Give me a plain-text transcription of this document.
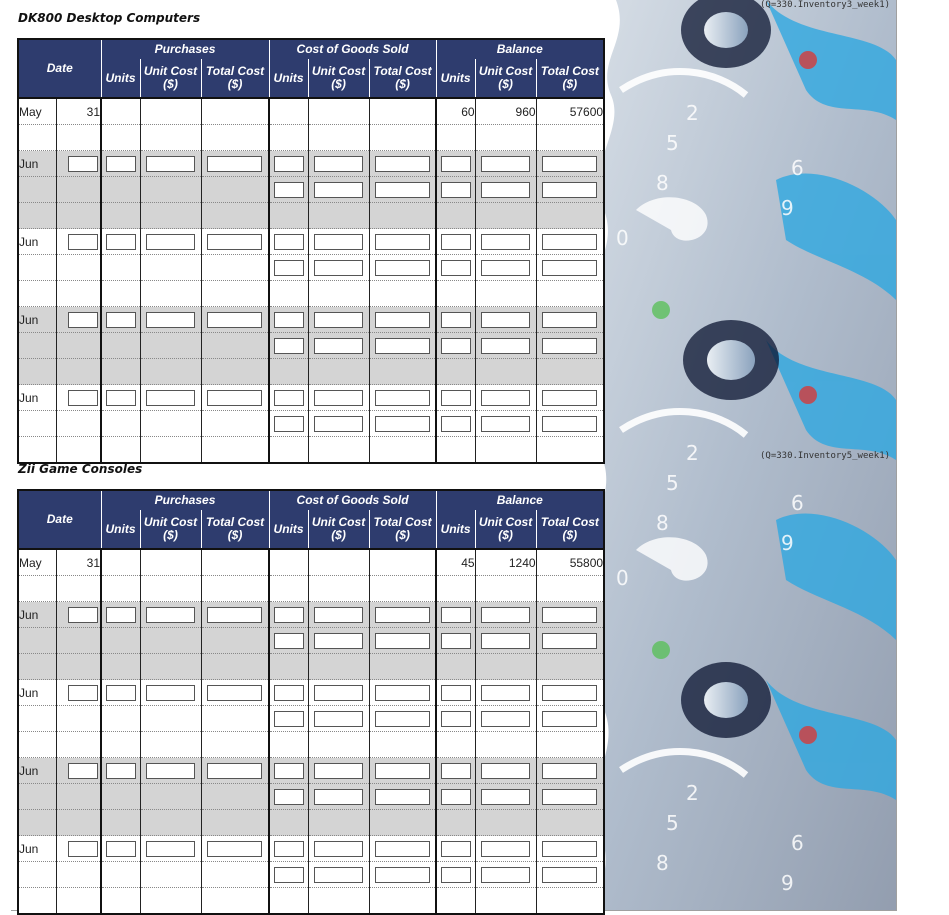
2
5
8
6
9
0
2
5
8
6
9
0
2
5
8
6
9
(Q=330.Inventory3_week1)
(Q=330.Inventory5_week1)
DK800 Desktop Computers
Date		Purchases			Cost of Goods Sold			Balance		
		Units	Unit Cost ($)	Total Cost ($)	Units	Unit Cost ($)	Total Cost ($)	Units	Unit Cost ($)	Total Cost ($)
May	31							60	960	57600

Jun	

Jun	

Jun	

Jun	

Zii Game Consoles
Date		Purchases			Cost of Goods Sold			Balance		
		Units	Unit Cost ($)	Total Cost ($)	Units	Unit Cost ($)	Total Cost ($)	Units	Unit Cost ($)	Total Cost ($)
May	31							45	1240	55800

Jun	

Jun	

Jun	

Jun	
